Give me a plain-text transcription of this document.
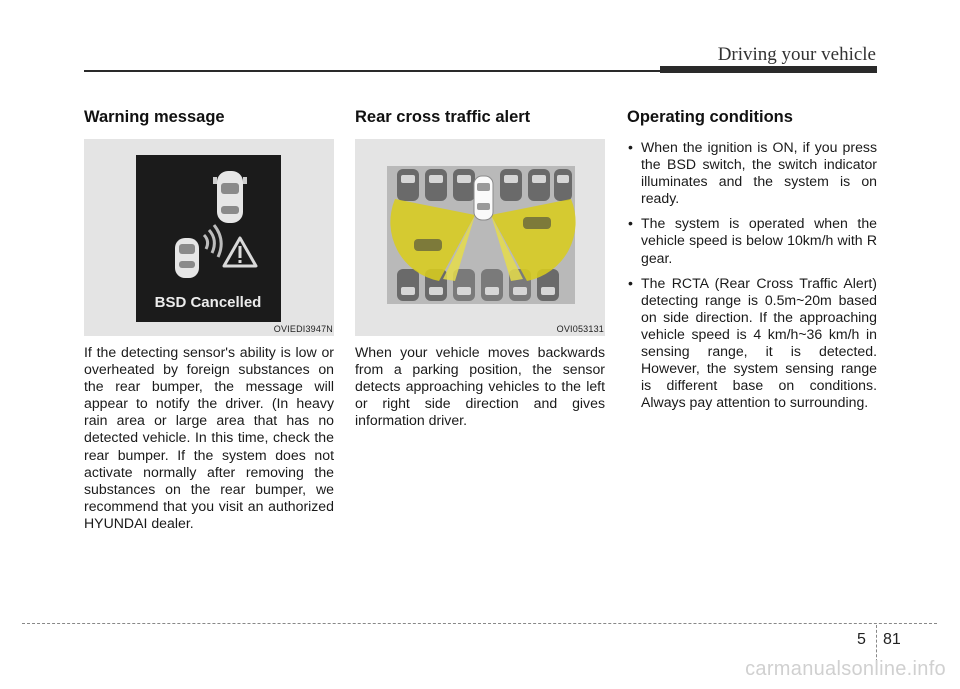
Driving your vehicle
Warning message
BSD Cancelled
OVIEDI3947N

If the detecting sensor's ability is low or overheated by foreign substances on the rear bumper, the message will appear to notify the driver. (In heavy rain area or large area that has no detected vehicle. In this time, check the rear bumper. If the system does not activate normally after removing the substances on the rear bumper, we recommend that you visit an authorized HYUNDAI dealer.

Rear cross traffic alert
OVI053131

When your vehicle moves backwards from a parking position, the sensor detects approaching vehicles to the left or right side direction and gives information driver.

Operating conditions
• When the ignition is ON, if you press the BSD switch, the switch indicator illuminates and the system is on ready.
• The system is operated when the vehicle speed is below 10km/h with R gear.
• The RCTA (Rear Cross Traffic Alert) detecting range is 0.5m~20m based on side direction. If the approaching vehicle speed is 4 km/h~36 km/h in sensing range, it is detected. However, the system sensing range is different base on conditions. Always pay attention to surrounding.
5 81
carmanualsonline.info
